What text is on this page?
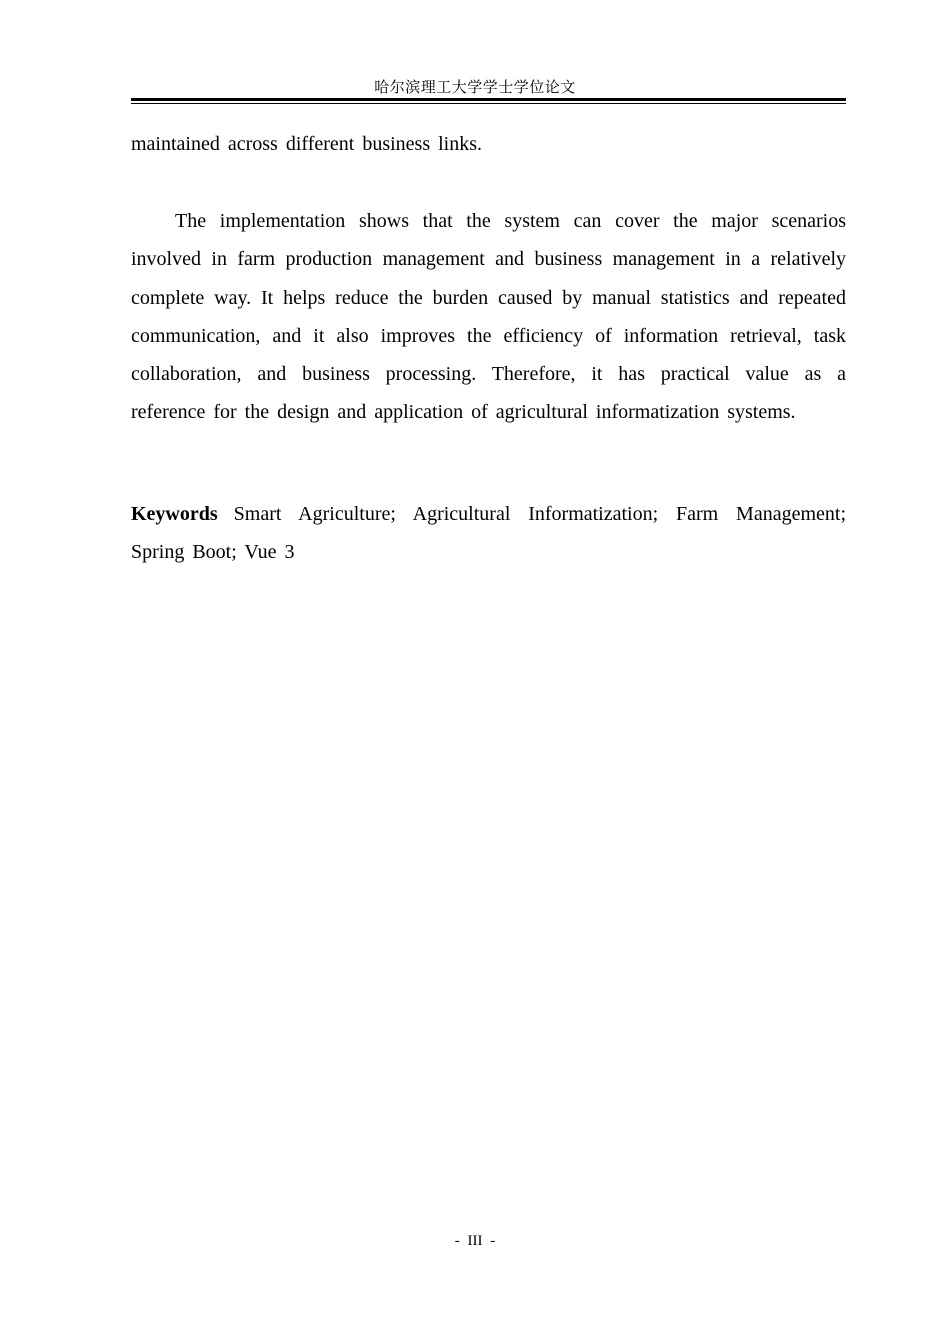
哈尔滨理工大学学士学位论文

maintained across different business links.

The implementation shows that the system can cover the major scenarios involved in farm production management and business management in a relatively complete way. It helps reduce the burden caused by manual statistics and repeated communication, and it also improves the efficiency of information retrieval, task collaboration, and business processing. Therefore, it has practical value as a reference for the design and application of agricultural informatization systems.

Keywords Smart Agriculture; Agricultural Informatization; Farm Management; Spring Boot; Vue 3

- III -
